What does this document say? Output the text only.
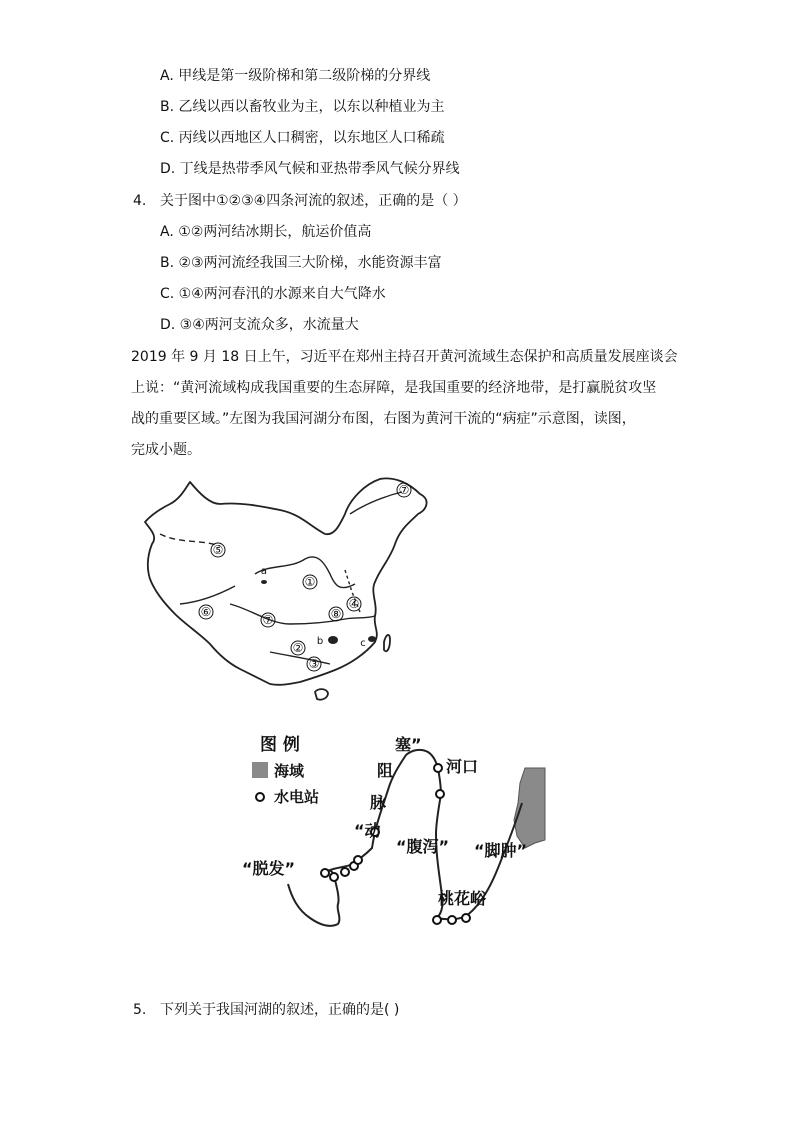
A. 甲线是第一级阶梯和第二级阶梯的分界线
B. 乙线以西以畜牧业为主，以东以种植业为主
C. 丙线以西地区人口稠密，以东地区人口稀疏
D. 丁线是热带季风气候和亚热带季风气候分界线
4. 关于图中①②③④四条河流的叙述，正确的是（ ）
A. ①②两河结冰期长，航运价值高
B. ②③两河流经我国三大阶梯，水能资源丰富
C. ①④两河春汛的水源来自大气降水
D. ③④两河支流众多，水流量大
2019 年 9 月 18 日上午，习近平在郑州主持召开黄河流域生态保护和高质量发展座谈会
上说：“黄河流域构成我国重要的生态屏障，是我国重要的经济地带，是打赢脱贫攻坚
战的重要区域。”左图为我国河湖分布图，右图为黄河干流的“病症”示意图，读图，
完成小题。
⑦
⑤
a
①
⑥
⑦	⑧
④
b	c
②
③
图 例
海域
水电站
阻
塞”
河口
脉
“动
“腹泻” “脚肿”
“脱发”
桃花峪
5. 下列关于我国河湖的叙述，正确的是( )
